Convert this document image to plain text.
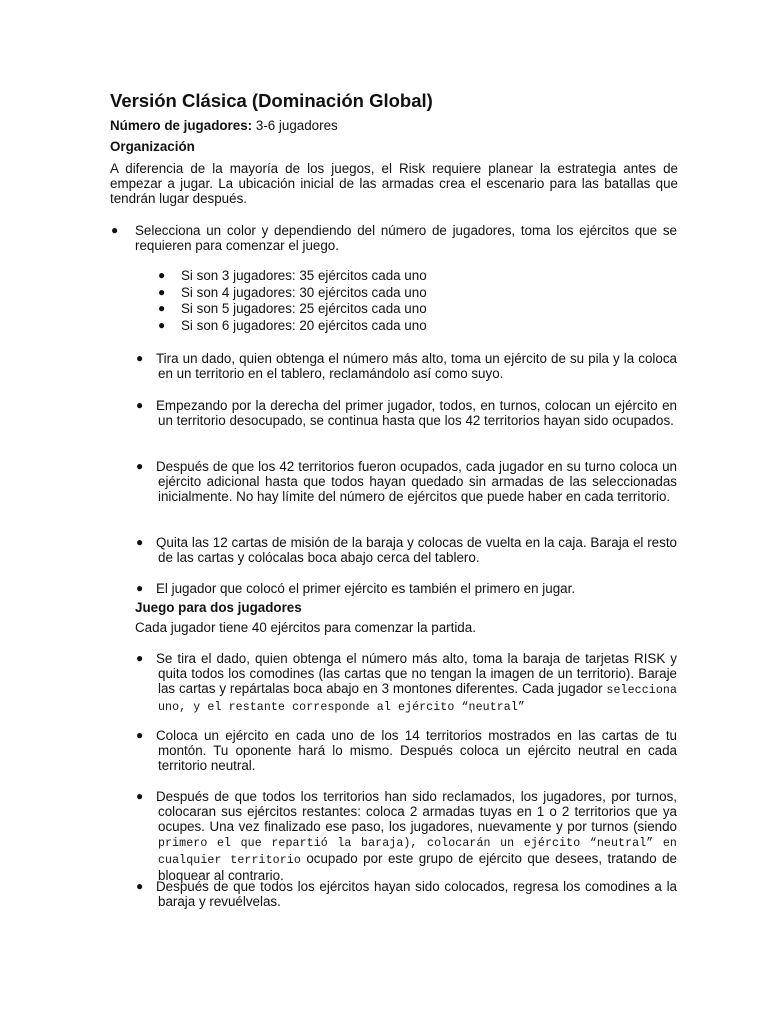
Versión Clásica (Dominación Global)

Número de jugadores: 3-6 jugadores

Organización

A diferencia de la mayoría de los juegos, el Risk requiere planear la estrategia antes de empezar a jugar. La ubicación inicial de las armadas crea el escenario para las batallas que tendrán lugar después.

● Selecciona un color y dependiendo del número de jugadores, toma los ejércitos que se requieren para comenzar el juego.

● Si son 3 jugadores: 35 ejércitos cada uno
● Si son 4 jugadores: 30 ejércitos cada uno
● Si son 5 jugadores: 25 ejércitos cada uno
● Si son 6 jugadores: 20 ejércitos cada uno
● Tira un dado, quien obtenga el número más alto, toma un ejército de su pila y la coloca en un territorio en el tablero, reclamándolo así como suyo.

● Empezando por la derecha del primer jugador, todos, en turnos, colocan un ejército en un territorio desocupado, se continua hasta que los 42 territorios hayan sido ocupados.

● Después de que los 42 territorios fueron ocupados, cada jugador en su turno coloca un ejército adicional hasta que todos hayan quedado sin armadas de las seleccionadas inicialmente. No hay límite del número de ejércitos que puede haber en cada territorio.

● Quita las 12 cartas de misión de la baraja y colocas de vuelta en la caja. Baraja el resto de las cartas y colócalas boca abajo cerca del tablero.

● El jugador que colocó el primer ejército es también el primero en jugar.

Juego para dos jugadores

Cada jugador tiene 40 ejércitos para comenzar la partida.

● Se tira el dado, quien obtenga el número más alto, toma la baraja de tarjetas RISK y quita todos los comodines (las cartas que no tengan la imagen de un territorio). Baraje las cartas y repártalas boca abajo en 3 montones diferentes. Cada jugador selecciona uno, y el restante corresponde al ejército “neutral”

● Coloca un ejército en cada uno de los 14 territorios mostrados en las cartas de tu montón. Tu oponente hará lo mismo. Después coloca un ejército neutral en cada territorio neutral.

● Después de que todos los territorios han sido reclamados, los jugadores, por turnos, colocaran sus ejércitos restantes: coloca 2 armadas tuyas en 1 o 2 territorios que ya ocupes. Una vez finalizado ese paso, los jugadores, nuevamente y por turnos (siendo primero el que repartió la baraja), colocarán un ejército “neutral” en cualquier territorio ocupado por este grupo de ejército que desees, tratando de bloquear al contrario.

● Después de que todos los ejércitos hayan sido colocados, regresa los comodines a la baraja y revuélvelas.
